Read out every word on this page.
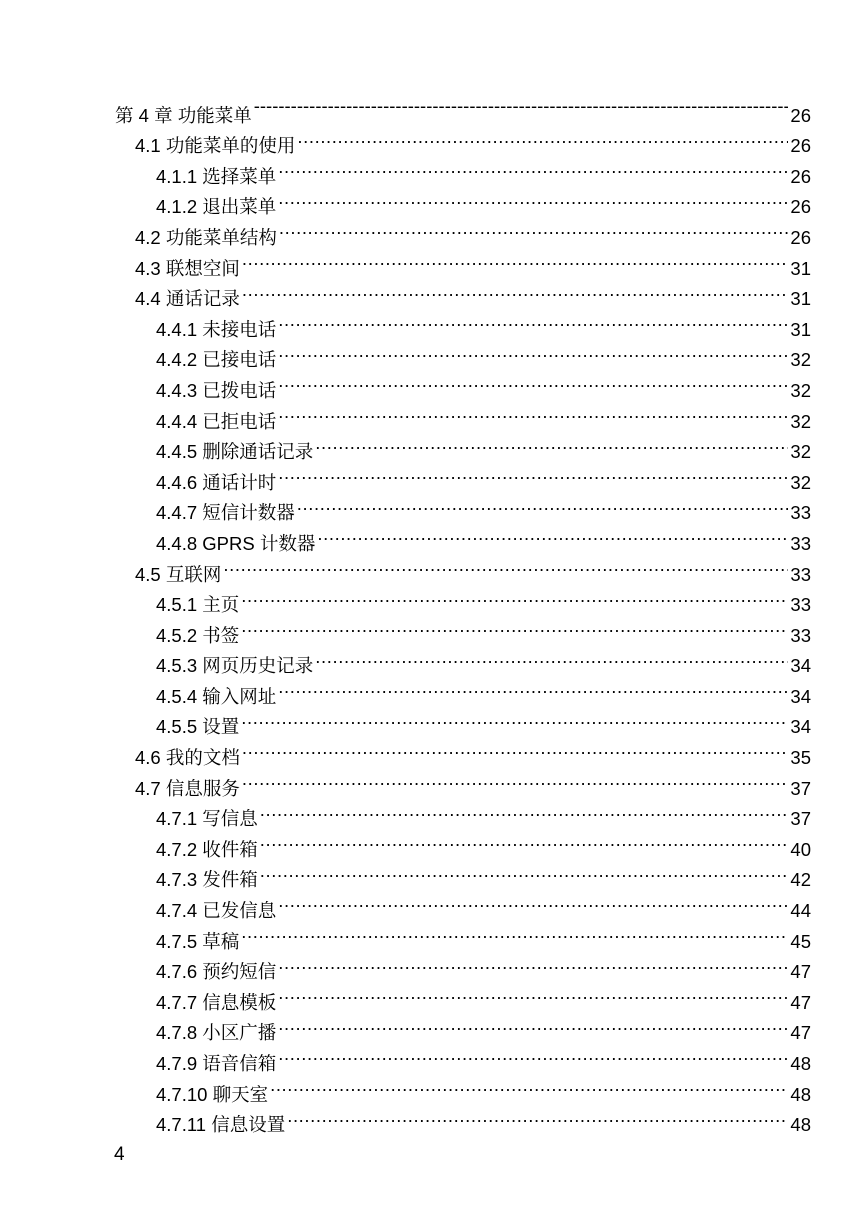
第 4 章 功能菜单 -----	26
4.1 功能菜单的使用 .....	26
4.1.1 选择菜单 .....	26
4.1.2 退出菜单 .....	26
4.2 功能菜单结构 .....	26
4.3 联想空间 .....	31
4.4 通话记录 .....	31
4.4.1 未接电话 .....	31
4.4.2 已接电话 .....	32
4.4.3 已拨电话 .....	32
4.4.4 已拒电话 .....	32
4.4.5 删除通话记录 .....	32
4.4.6 通话计时 .....	32
4.4.7 短信计数器 .....	33
4.4.8 GPRS 计数器 .....	33
4.5 互联网 .....	33
4.5.1 主页 .....	33
4.5.2 书签 .....	33
4.5.3 网页历史记录 .....	34
4.5.4 输入网址 .....	34
4.5.5 设置 .....	34
4.6 我的文档 .....	35
4.7 信息服务 .....	37
4.7.1 写信息 .....	37
4.7.2 收件箱 .....	40
4.7.3 发件箱 .....	42
4.7.4 已发信息 .....	44
4.7.5 草稿 .....	45
4.7.6 预约短信 .....	47
4.7.7 信息模板 .....	47
4.7.8 小区广播 .....	47
4.7.9 语音信箱 .....	48
4.7.10 聊天室 .....	48
4.7.11 信息设置 .....	48
4
